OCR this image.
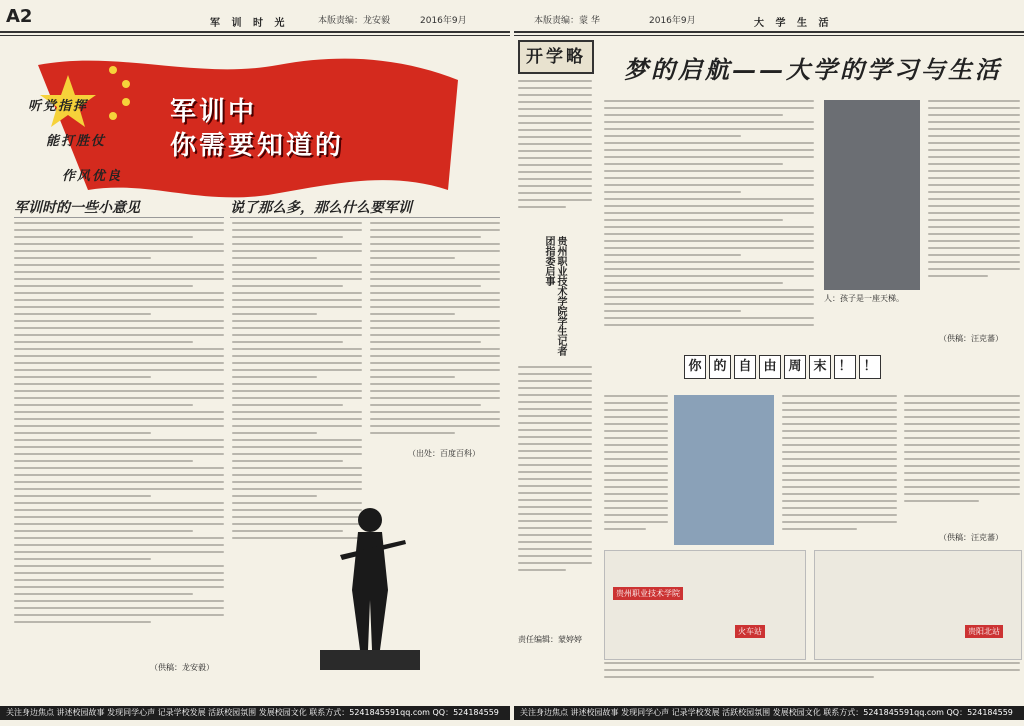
A2	军 训 时 光	本版责编：龙安毅	2016年9月
军训中
你需要知道的
听党指挥
能打胜仗
作风优良
军训时的一些小意见	说了那么多，那么什么要军训
（供稿：龙安毅）
（出处：百度百科）
关注身边焦点 讲述校园故事 发现同学心声 记录学校发展 活跃校园氛围 发展校园文化 联系方式：5241845591qq.com QQ：524184559
本版责编：蒙 华	2016年9月	大 学 生 活
开学略
贵州职业技术学院学生记者团指委启事
责任编辑：蒙婷婷
梦的启航——大学的学习与生活
人：孩子是一座天梯。
（供稿：汪克蕃）
你 的 自 由 周 末 ！ ！
（供稿：汪克蕃）
贵州职业技术学院
火车站	贵阳北站
关注身边焦点 讲述校园故事 发现同学心声 记录学校发展 活跃校园氛围 发展校园文化 联系方式：5241845591qq.com QQ：524184559
